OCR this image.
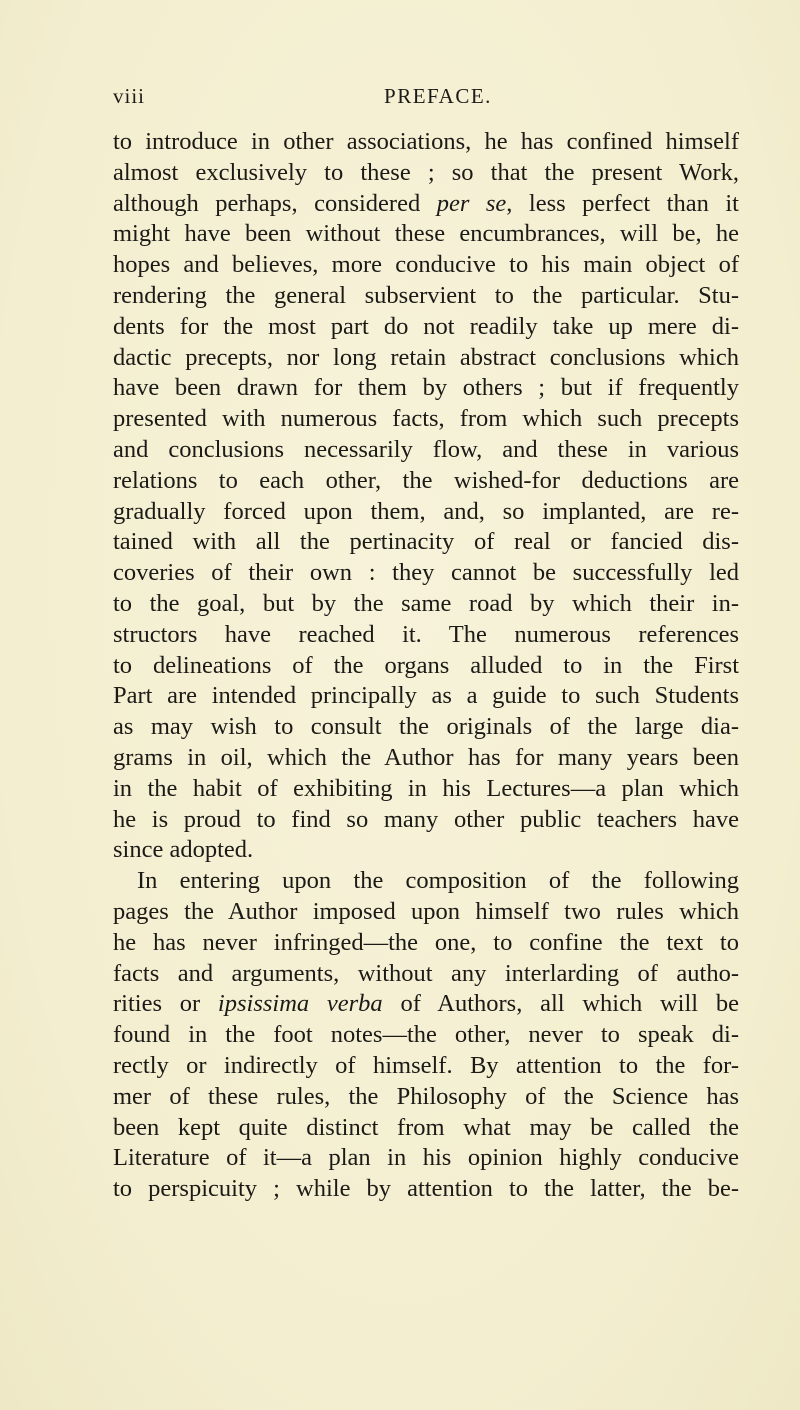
viii	PREFACE.
to introduce in other associations, he has confined himself
almost exclusively to these ; so that the present Work,
although perhaps, considered per se, less perfect than it
might have been without these encumbrances, will be, he
hopes and believes, more conducive to his main object of
rendering the general subservient to the particular. Stu-
dents for the most part do not readily take up mere di-
dactic precepts, nor long retain abstract conclusions which
have been drawn for them by others ; but if frequently
presented with numerous facts, from which such precepts
and conclusions necessarily flow, and these in various
relations to each other, the wished-for deductions are
gradually forced upon them, and, so implanted, are re-
tained with all the pertinacity of real or fancied dis-
coveries of their own : they cannot be successfully led
to the goal, but by the same road by which their in-
structors have reached it. The numerous references
to delineations of the organs alluded to in the First
Part are intended principally as a guide to such Students
as may wish to consult the originals of the large dia-
grams in oil, which the Author has for many years been
in the habit of exhibiting in his Lectures—a plan which
he is proud to find so many other public teachers have
since adopted.
In entering upon the composition of the following
pages the Author imposed upon himself two rules which
he has never infringed—the one, to confine the text to
facts and arguments, without any interlarding of autho-
rities or ipsissima verba of Authors, all which will be
found in the foot notes—the other, never to speak di-
rectly or indirectly of himself. By attention to the for-
mer of these rules, the Philosophy of the Science has
been kept quite distinct from what may be called the
Literature of it—a plan in his opinion highly conducive
to perspicuity ; while by attention to the latter, the be-
